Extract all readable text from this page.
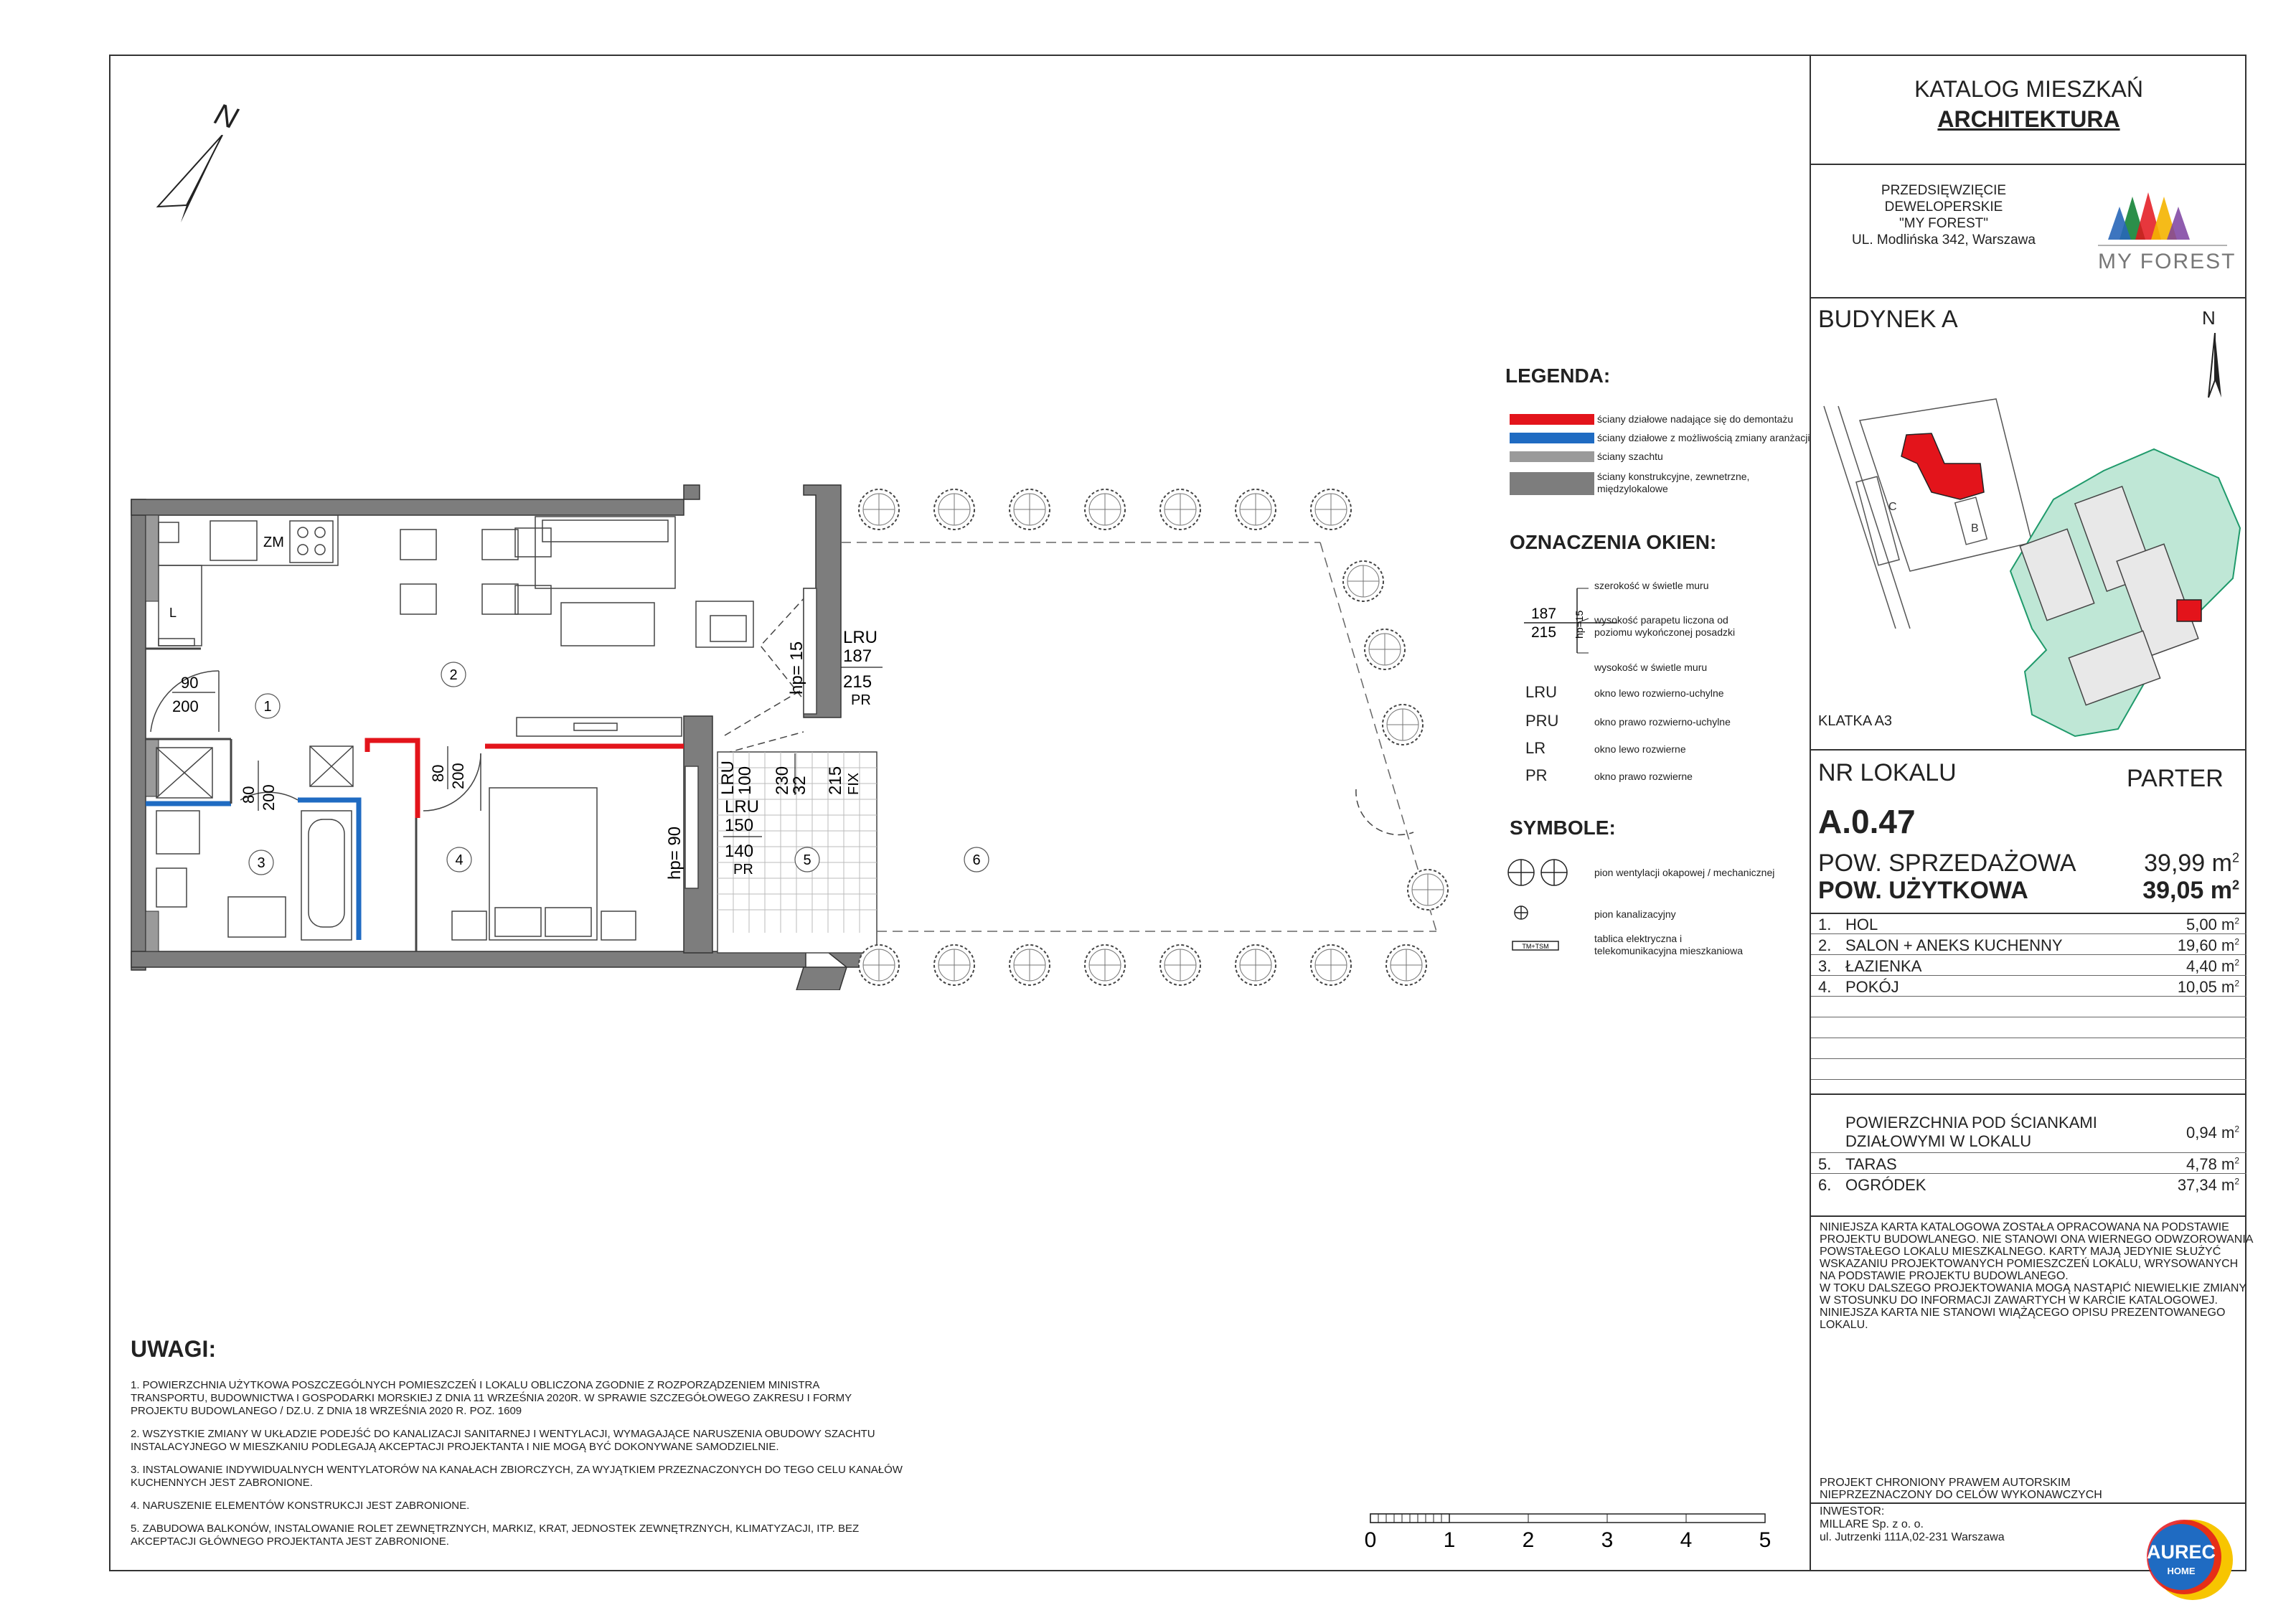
KATALOG MIESZKAŃ
ARCHITEKTURA
PRZEDSIĘWZIĘCIE
DEWELOPERSKIE
"MY FOREST"
UL. Modlińska 342, Warszawa
MY FOREST
BUDYNEK A	N
C
B
KLATKA A3
NR LOKALU	PARTER
A.0.47
POW. SPRZEDAŻOWA	39,99 $m^2$
POW. UŻYTKOWA	39,05 $m^2$
1. HOL	5,00 $m^2$
2. SALON + ANEKS KUCHENNY	19,60 $m^2$
3. ŁAZIENKA	4,40 $m^2$
4. POKÓJ	10,05 $m^2$
POWIERZCHNIA POD ŚCIANKAMI
DZIAŁOWYMI W LOKALU	0,94 $m^2$
5. TARAS	4,78 $m^2$
6. OGRÓDEK	37,34 $m^2$
NINIEJSZA KARTA KATALOGOWA ZOSTAŁA OPRACOWANA NA PODSTAWIE
PROJEKTU BUDOWLANEGO. NIE STANOWI ONA WIERNEGO ODWZOROWANIA
POWSTAŁEGO LOKALU MIESZKALNEGO. KARTY MAJĄ JEDYNIE SŁUŻYĆ
WSKAZANIU PROJEKTOWANYCH POMIESZCZEŃ LOKALU, WRYSOWANYCH
NA PODSTAWIE PROJEKTU BUDOWLANEGO.
W TOKU DALSZEGO PROJEKTOWANIA MOGĄ NASTĄPIĆ NIEWIELKIE ZMIANY
W STOSUNKU DO INFORMACJI ZAWARTYCH W KARCIE KATALOGOWEJ.
NINIEJSZA KARTA NIE STANOWI WIĄŻĄCEGO OPISU PREZENTOWANEGO
LOKALU.
PROJEKT CHRONIONY PRAWEM AUTORSKIM
NIEPRZEZNACZONY DO CELÓW WYKONAWCZYCH
INWESTOR:
MILLARE Sp. z o. o.
ul. Jutrzenki 111A,02-231 Warszawa
AUREC
HOME
LEGENDA:
ściany działowe nadające się do demontażu
ściany działowe z możliwością zmiany aranżacji
ściany szachtu
ściany konstrukcyjne, zewnetrzne,
międzylokalowe
OZNACZENIA OKIEN:
187
215 hp=15
szerokość w świetle muru
wysokość parapetu liczona od
poziomu wykończonej posadzki
wysokość w świetle muru
LRU	okno lewo rozwierno-uchylne
PRU	okno prawo rozwierno-uchylne
LR	okno lewo rozwierne
PR	okno prawo rozwierne
SYMBOLE:
TM+TSM
pion wentylacji okapowej / mechanicznej
pion kanalizacyjny
tablica elektryczna i
telekomunikacyjna mieszkaniowa
UWAGI:
1. POWIERZCHNIA UŻYTKOWA POSZCZEGÓLNYCH POMIESZCZEŃ I LOKALU OBLICZONA ZGODNIE Z ROZPORZĄDZENIEM MINISTRA
TRANSPORTU, BUDOWNICTWA I GOSPODARKI MORSKIEJ Z DNIA 11 WRZEŚNIA 2020R. W SPRAWIE SZCZEGÓŁOWEGO ZAKRESU I FORMY
PROJEKTU BUDOWLANEGO / DZ.U. Z DNIA 18 WRZEŚNIA 2020 R. POZ. 1609
2. WSZYSTKIE ZMIANY W UKŁADZIE PODEJŚĆ DO KANALIZACJI SANITARNEJ I WENTYLACJI, WYMAGAJĄCE NARUSZENIA OBUDOWY SZACHTU
INSTALACYJNEGO W MIESZKANIU PODLEGAJĄ AKCEPTACJI PROJEKTANTA I NIE MOGĄ BYĆ DOKONYWANE SAMODZIELNIE.
3. INSTALOWANIE INDYWIDUALNYCH WENTYLATORÓW NA KANAŁACH ZBIORCZYCH, ZA WYJĄTKIEM PRZEZNACZONYCH DO TEGO CELU KANAŁÓW
KUCHENNYCH JEST ZABRONIONE.
4. NARUSZENIE ELEMENTÓW KONSTRUKCJI JEST ZABRONIONE.
5. ZABUDOWA BALKONÓW, INSTALOWANIE ROLET ZEWNĘTRZNYCH, MARKIZ, KRAT, JEDNOSTEK ZEWNĘTRZNYCH, KLIMATYZACJI, ITP. BEZ
AKCEPTACJI GŁÓWNEGO PROJEKTANTA JEST ZABRONIONE.	0	1	2	3	4	5
N
ZM
L
1
2
3	4	5	6
90
200
80 200
80 200
LRU
187
215
PR
hp= 15
LRU
100
LRU
150
140
PR
hp= 90
230
32 215 FIX
